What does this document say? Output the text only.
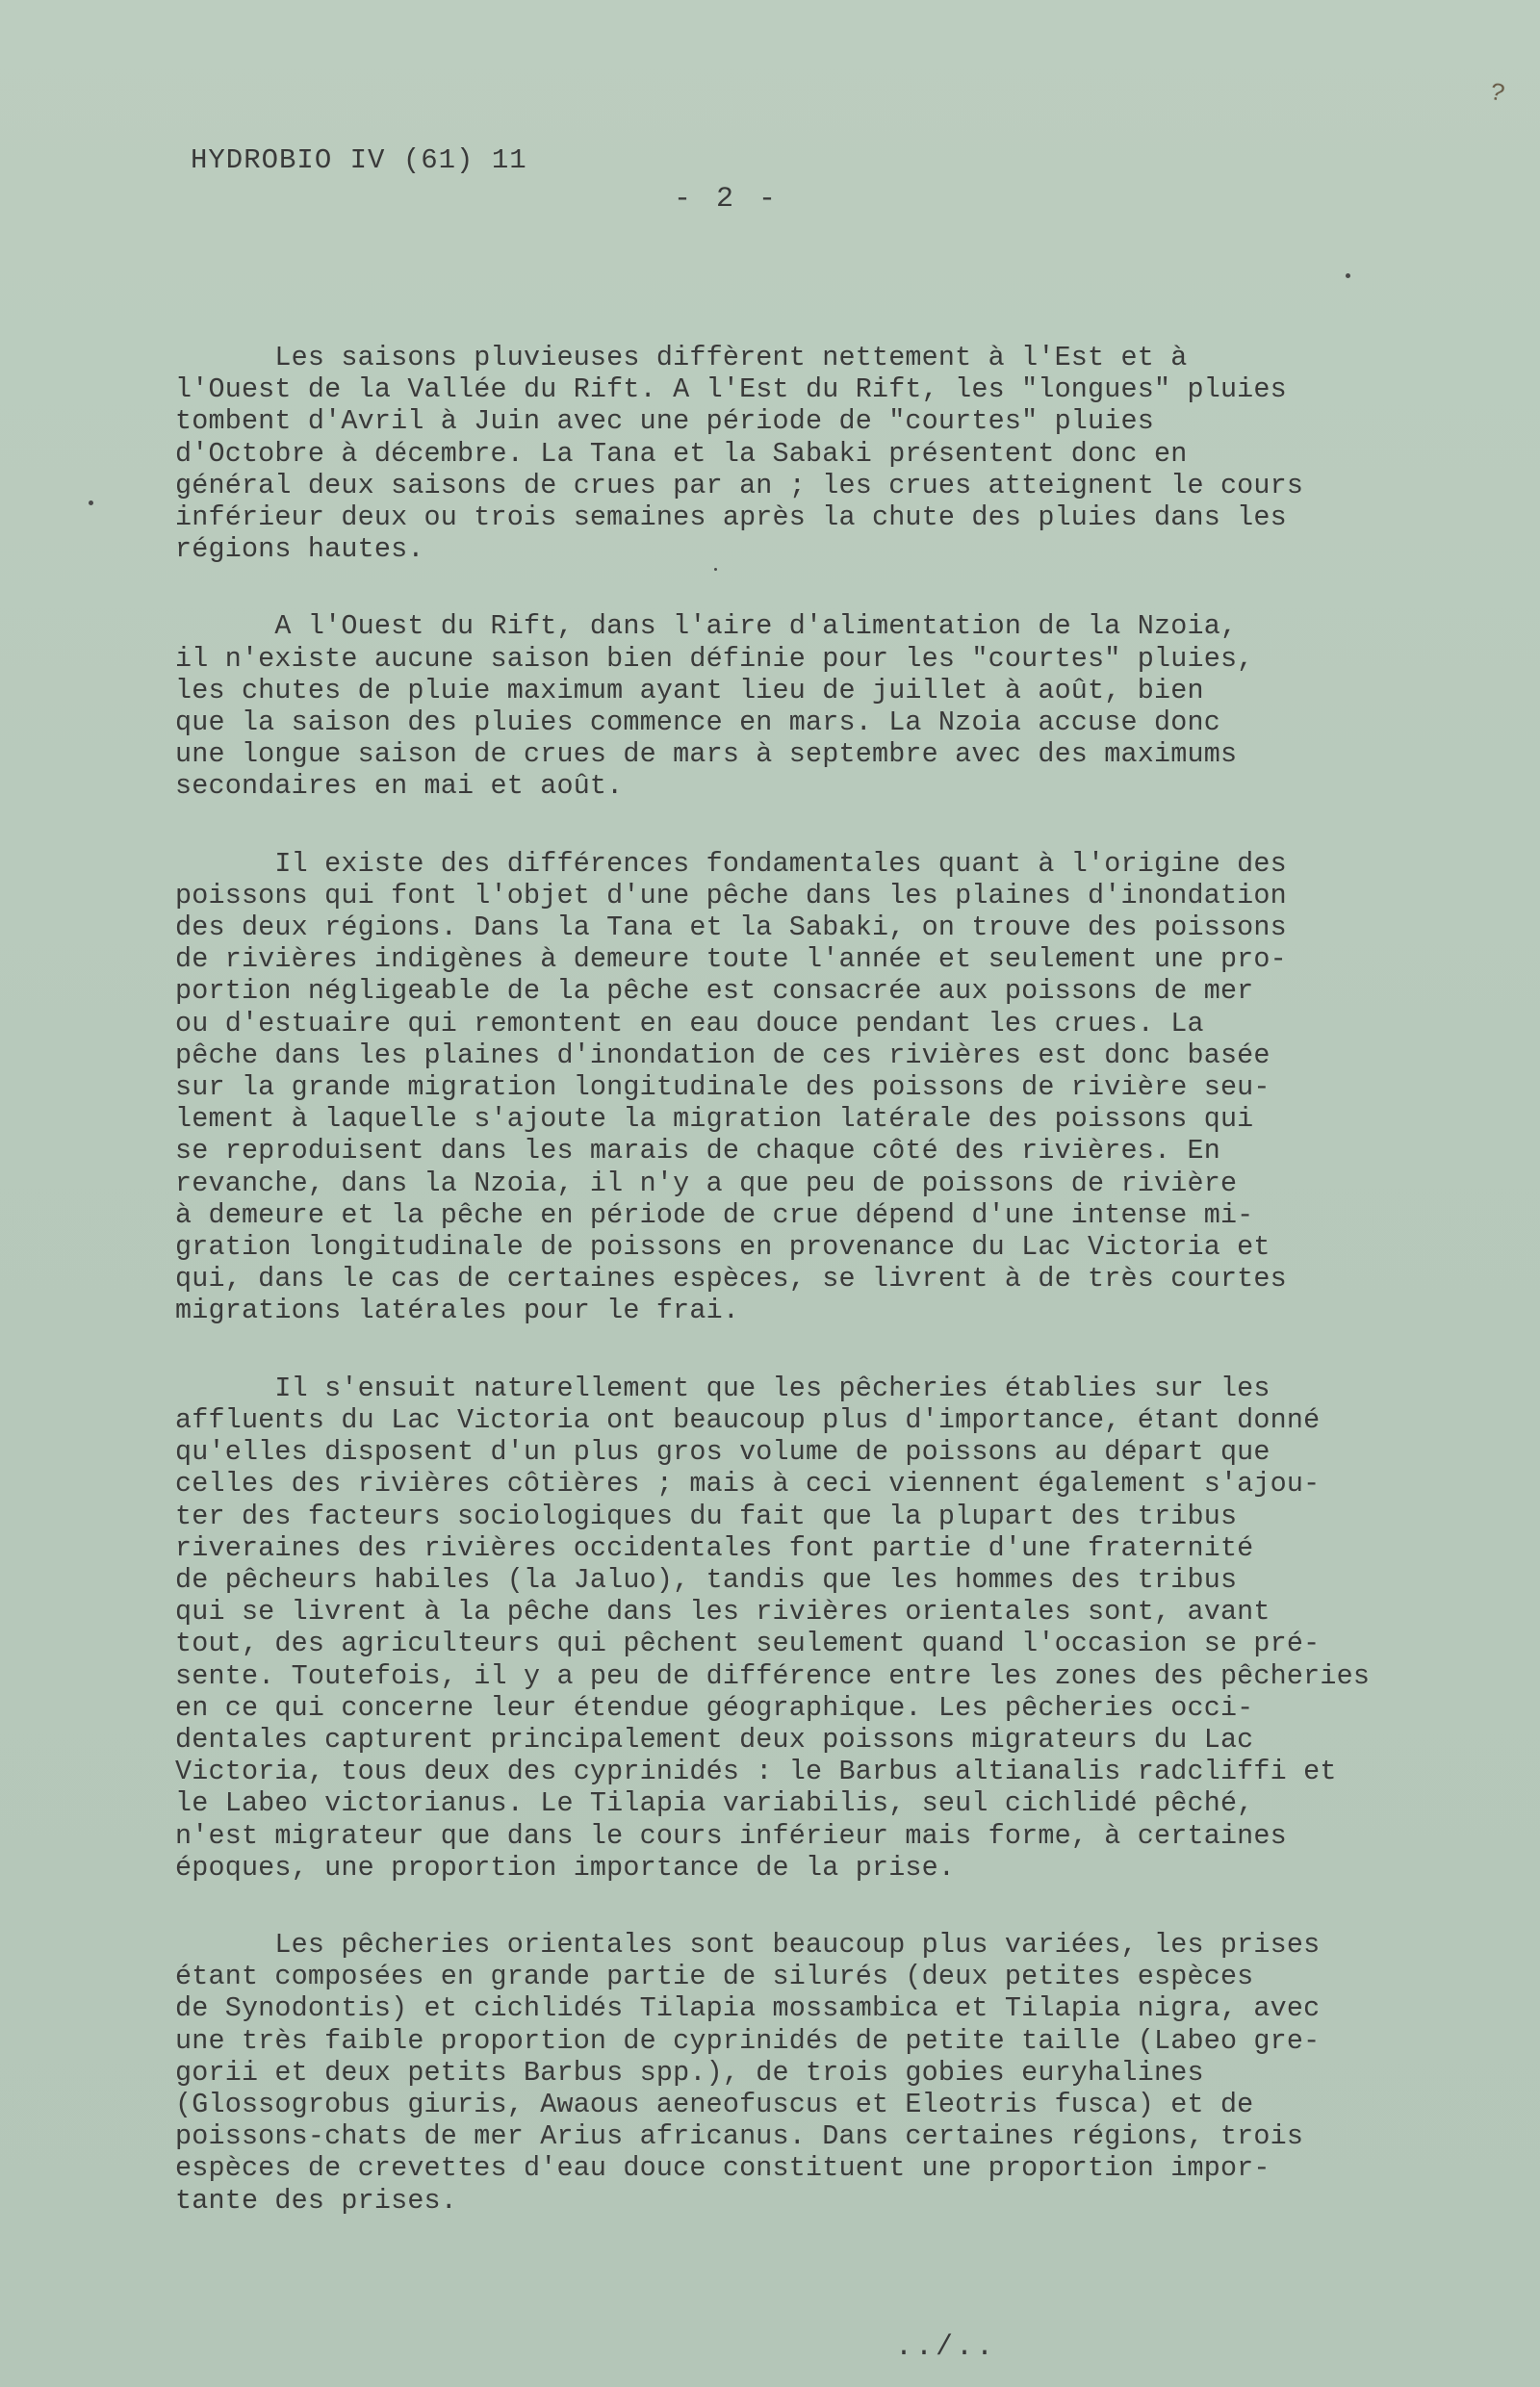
HYDROBIO IV (61) 11
- 2 -
?
Les saisons pluvieuses diffèrent nettement à l'Est et à
l'Ouest de la Vallée du Rift. A l'Est du Rift, les "longues" pluies
tombent d'Avril à Juin avec une période de "courtes" pluies
d'Octobre à décembre. La Tana et la Sabaki présentent donc en
général deux saisons de crues par an ; les crues atteignent le cours
inférieur deux ou trois semaines après la chute des pluies dans les
régions hautes.
A l'Ouest du Rift, dans l'aire d'alimentation de la Nzoia,
il n'existe aucune saison bien définie pour les "courtes" pluies,
les chutes de pluie maximum ayant lieu de juillet à août, bien
que la saison des pluies commence en mars. La Nzoia accuse donc
une longue saison de crues de mars à septembre avec des maximums
secondaires en mai et août.
Il existe des différences fondamentales quant à l'origine des
poissons qui font l'objet d'une pêche dans les plaines d'inondation
des deux régions. Dans la Tana et la Sabaki, on trouve des poissons
de rivières indigènes à demeure toute l'année et seulement une pro-
portion négligeable de la pêche est consacrée aux poissons de mer
ou d'estuaire qui remontent en eau douce pendant les crues. La
pêche dans les plaines d'inondation de ces rivières est donc basée
sur la grande migration longitudinale des poissons de rivière seu-
lement à laquelle s'ajoute la migration latérale des poissons qui
se reproduisent dans les marais de chaque côté des rivières. En
revanche, dans la Nzoia, il n'y a que peu de poissons de rivière
à demeure et la pêche en période de crue dépend d'une intense mi-
gration longitudinale de poissons en provenance du Lac Victoria et
qui, dans le cas de certaines espèces, se livrent à de très courtes
migrations latérales pour le frai.
Il s'ensuit naturellement que les pêcheries établies sur les
affluents du Lac Victoria ont beaucoup plus d'importance, étant donné
qu'elles disposent d'un plus gros volume de poissons au départ que
celles des rivières côtières ; mais à ceci viennent également s'ajou-
ter des facteurs sociologiques du fait que la plupart des tribus
riveraines des rivières occidentales font partie d'une fraternité
de pêcheurs habiles (la Jaluo), tandis que les hommes des tribus
qui se livrent à la pêche dans les rivières orientales sont, avant
tout, des agriculteurs qui pêchent seulement quand l'occasion se pré-
sente. Toutefois, il y a peu de différence entre les zones des pêcheries
en ce qui concerne leur étendue géographique. Les pêcheries occi-
dentales capturent principalement deux poissons migrateurs du Lac
Victoria, tous deux des cyprinidés : le Barbus altianalis radcliffi et
le Labeo victorianus. Le Tilapia variabilis, seul cichlidé pêché,
n'est migrateur que dans le cours inférieur mais forme, à certaines
époques, une proportion importance de la prise.
Les pêcheries orientales sont beaucoup plus variées, les prises
étant composées en grande partie de silurés (deux petites espèces
de Synodontis) et cichlidés Tilapia mossambica et Tilapia nigra, avec
une très faible proportion de cyprinidés de petite taille (Labeo gre-
gorii et deux petits Barbus spp.), de trois gobies euryhalines
(Glossogrobus giuris, Awaous aeneofuscus et Eleotris fusca) et de
poissons-chats de mer Arius africanus. Dans certaines régions, trois
espèces de crevettes d'eau douce constituent une proportion impor-
tante des prises.
../..
